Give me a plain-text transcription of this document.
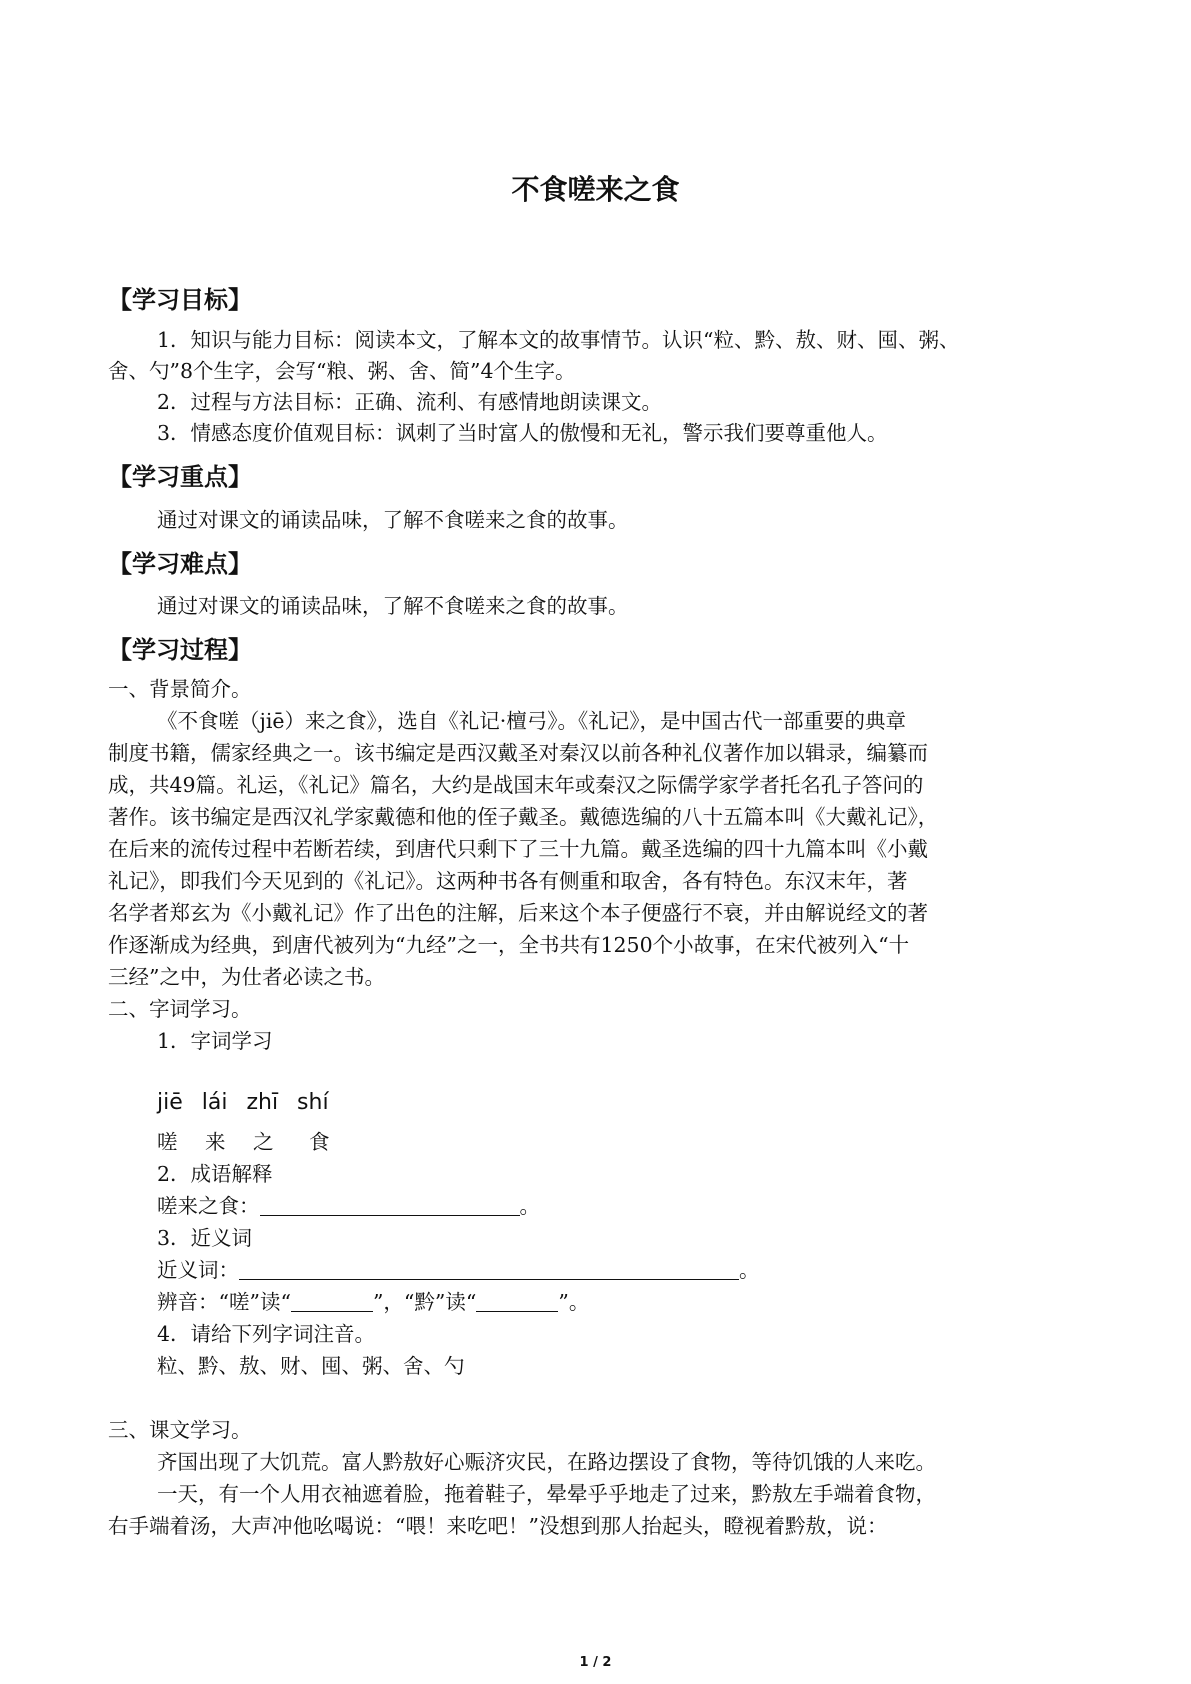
不食嗟来之食
【学习目标】
1．知识与能力目标：阅读本文，了解本文的故事情节。认识“粒、黔、敖、财、囤、粥、
舍、勺”8个生字，会写“粮、粥、舍、简”4个生字。
2．过程与方法目标：正确、流利、有感情地朗读课文。
3．情感态度价值观目标：讽刺了当时富人的傲慢和无礼，警示我们要尊重他人。
【学习重点】
通过对课文的诵读品味，了解不食嗟来之食的故事。
【学习难点】
通过对课文的诵读品味，了解不食嗟来之食的故事。
【学习过程】
一、背景简介。
《不食嗟（jiē）来之食》，选自《礼记·檀弓》。《礼记》，是中国古代一部重要的典章
制度书籍，儒家经典之一。该书编定是西汉戴圣对秦汉以前各种礼仪著作加以辑录，编纂而
成，共49篇。礼运，《礼记》篇名，大约是战国末年或秦汉之际儒学家学者托名孔子答问的
著作。该书编定是西汉礼学家戴德和他的侄子戴圣。戴德选编的八十五篇本叫《大戴礼记》，
在后来的流传过程中若断若续，到唐代只剩下了三十九篇。戴圣选编的四十九篇本叫《小戴
礼记》，即我们今天见到的《礼记》。这两种书各有侧重和取舍，各有特色。东汉末年，著
名学者郑玄为《小戴礼记》作了出色的注解，后来这个本子便盛行不衰，并由解说经文的著
作逐渐成为经典，到唐代被列为“九经”之一，全书共有1250个小故事，在宋代被列入“十
三经”之中，为仕者必读之书。
二、字词学习。
1．字词学习
jiē lái zhī shí
嗟 来 之 食
2．成语解释
嗟来之食：	。
3．近义词
近义词：	。
辨音：“嗟”读“	”，“黔”读“	”。
4．请给下列字词注音。
粒、黔、敖、财、囤、粥、舍、勺
三、课文学习。
齐国出现了大饥荒。富人黔敖好心赈济灾民，在路边摆设了食物，等待饥饿的人来吃。
一天，有一个人用衣袖遮着脸，拖着鞋子，晕晕乎乎地走了过来，黔敖左手端着食物，
右手端着汤，大声冲他吆喝说：“喂！来吃吧！”没想到那人抬起头，瞪视着黔敖，说：
1 / 2
